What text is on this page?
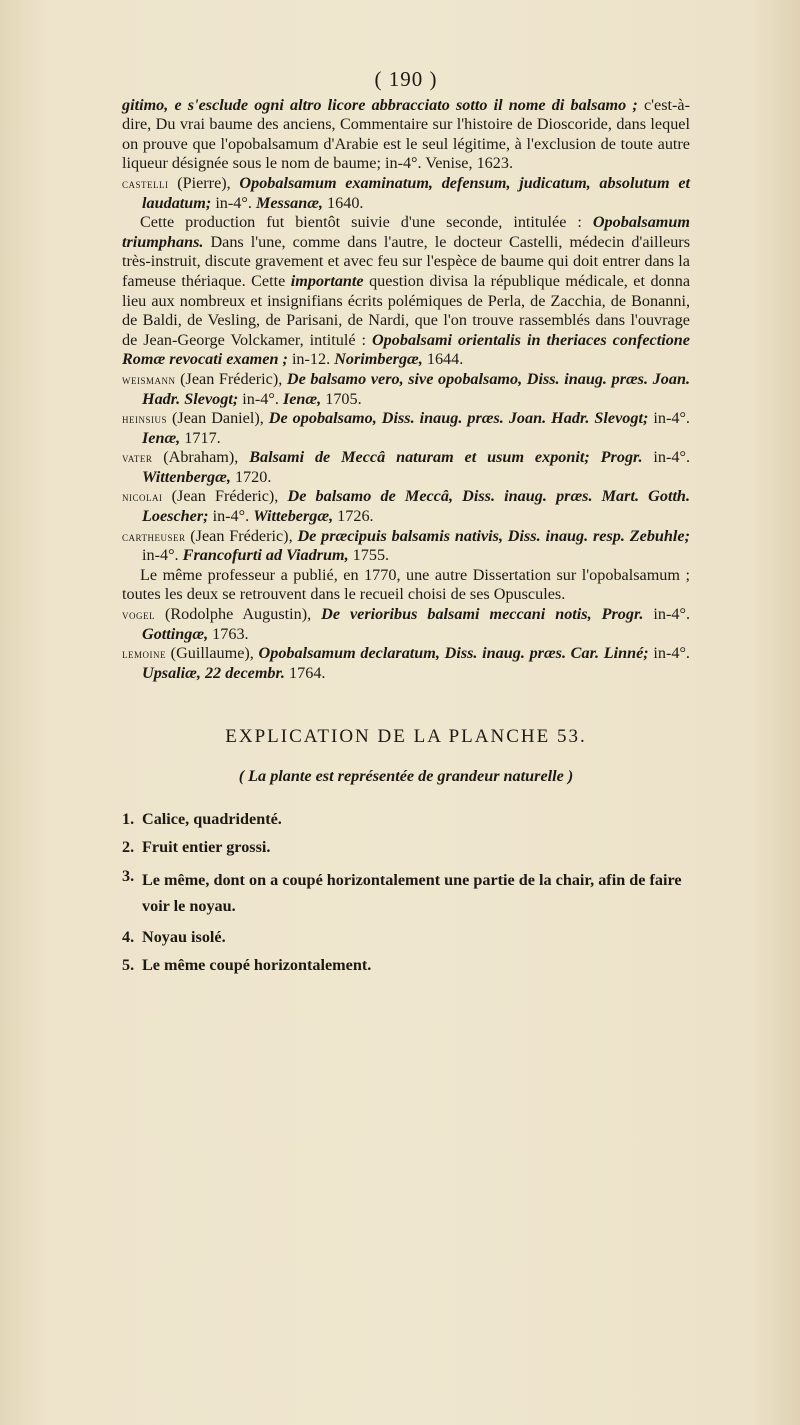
( 190 )

gitimo, e s'esclude ogni altro licore abbracciato sotto il nome di balsamo ; c'est-à-dire, Du vrai baume des anciens, Commentaire sur l'histoire de Dioscoride, dans lequel on prouve que l'opobalsamum d'Arabie est le seul légitime, à l'exclusion de toute autre liqueur désignée sous le nom de baume; in-4°. Venise, 1623.

castelli (Pierre), Opobalsamum examinatum, defensum, judicatum, absolutum et laudatum; in-4°. Messanæ, 1640.

Cette production fut bientôt suivie d'une seconde, intitulée : Opobalsamum triumphans. Dans l'une, comme dans l'autre, le docteur Castelli, médecin d'ailleurs très-instruit, discute gravement et avec feu sur l'espèce de baume qui doit entrer dans la fameuse thériaque. Cette importante question divisa la république médicale, et donna lieu aux nombreux et insignifians écrits polémiques de Perla, de Zacchia, de Bonanni, de Baldi, de Vesling, de Parisani, de Nardi, que l'on trouve rassemblés dans l'ouvrage de Jean-George Volckamer, intitulé : Opobalsami orientalis in theriaces confectione Romæ revocati examen ; in-12. Norimbergæ, 1644.

weismann (Jean Fréderic), De balsamo vero, sive opobalsamo, Diss. inaug. præs. Joan. Hadr. Slevogt; in-4°. Ienæ, 1705.

heinsius (Jean Daniel), De opobalsamo, Diss. inaug. præs. Joan. Hadr. Slevogt; in-4°. Ienæ, 1717.

vater (Abraham), Balsami de Meccâ naturam et usum exponit; Progr. in-4°. Wittenbergæ, 1720.

nicolai (Jean Fréderic), De balsamo de Meccâ, Diss. inaug. præs. Mart. Gotth. Loescher; in-4°. Wittebergæ, 1726.

cartheuser (Jean Fréderic), De præcipuis balsamis nativis, Diss. inaug. resp. Zebuhle; in-4°. Francofurti ad Viadrum, 1755.

Le même professeur a publié, en 1770, une autre Dissertation sur l'opobalsamum ; toutes les deux se retrouvent dans le recueil choisi de ses Opuscules.

vogel (Rodolphe Augustin), De verioribus balsami meccani notis, Progr. in-4°. Gottingæ, 1763.

lemoine (Guillaume), Opobalsamum declaratum, Diss. inaug. præs. Car. Linné; in-4°. Upsaliæ, 22 decembr. 1764.

EXPLICATION DE LA PLANCHE 53.
( La plante est représentée de grandeur naturelle )
1. Calice, quadridenté.
2. Fruit entier grossi.
3. Le même, dont on a coupé horizontalement une partie de la chair, afin de faire voir le noyau.
4. Noyau isolé.
5. Le même coupé horizontalement.
